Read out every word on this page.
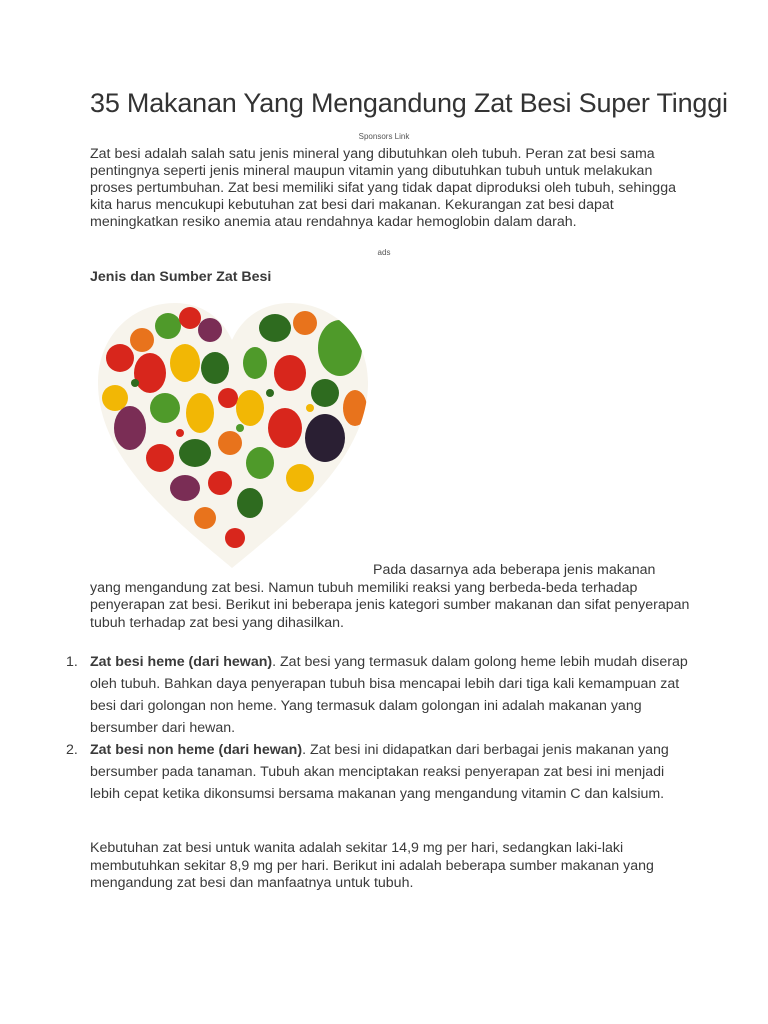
35 Makanan Yang Mengandung Zat Besi Super Tinggi
Sponsors Link

Zat besi adalah salah satu jenis mineral yang dibutuhkan oleh tubuh. Peran zat besi sama pentingnya seperti jenis mineral maupun vitamin yang dibutuhkan tubuh untuk melakukan proses pertumbuhan. Zat besi memiliki sifat yang tidak dapat diproduksi oleh tubuh, sehingga kita harus mencukupi kebutuhan zat besi dari makanan. Kekurangan zat besi dapat meningkatkan resiko anemia atau rendahnya kadar hemoglobin dalam darah.

ads
Jenis dan Sumber Zat Besi

Pada dasarnya ada beberapa jenis makanan yang mengandung zat besi. Namun tubuh memiliki reaksi yang berbeda-beda terhadap penyerapan zat besi. Berikut ini beberapa jenis kategori sumber makanan dan sifat penyerapan tubuh terhadap zat besi yang dihasilkan.

1. Zat besi heme (dari hewan). Zat besi yang termasuk dalam golong heme lebih mudah diserap oleh tubuh. Bahkan daya penyerapan tubuh bisa mencapai lebih dari tiga kali kemampuan zat besi dari golongan non heme. Yang termasuk dalam golongan ini adalah makanan yang bersumber dari hewan.
2. Zat besi non heme (dari hewan). Zat besi ini didapatkan dari berbagai jenis makanan yang bersumber pada tanaman. Tubuh akan menciptakan reaksi penyerapan zat besi ini menjadi lebih cepat ketika dikonsumsi bersama makanan yang mengandung vitamin C dan kalsium.

Kebutuhan zat besi untuk wanita adalah sekitar 14,9 mg per hari, sedangkan laki-laki membutuhkan sekitar 8,9 mg per hari. Berikut ini adalah beberapa sumber makanan yang mengandung zat besi dan manfaatnya untuk tubuh.
